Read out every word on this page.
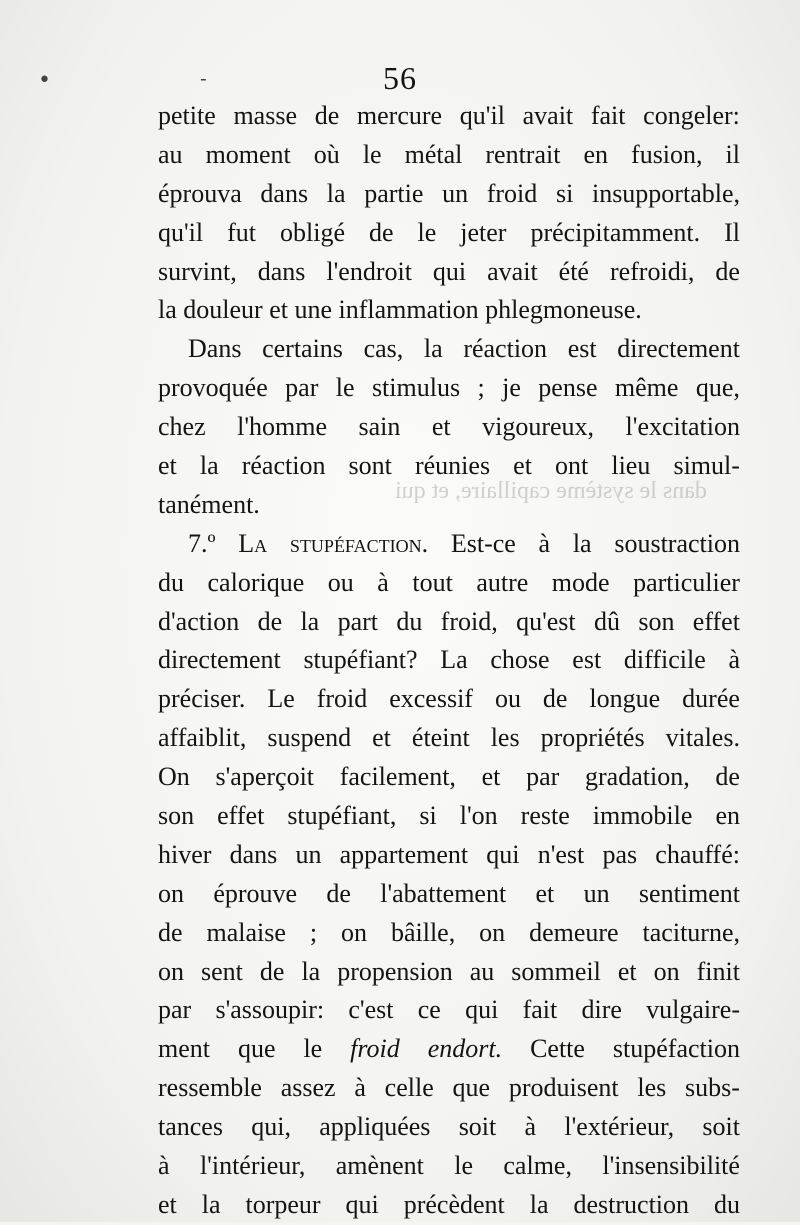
•	-	56
dans le système capillaire, et qui
petite masse de mercure qu'il avait fait congeler:
au moment où le métal rentrait en fusion, il
éprouva dans la partie un froid si insupportable,
qu'il fut obligé de le jeter précipitamment. Il
survint, dans l'endroit qui avait été refroidi, de
la douleur et une inflammation phlegmoneuse.
Dans certains cas, la réaction est directement
provoquée par le stimulus ; je pense même que,
chez l'homme sain et vigoureux, l'excitation
et la réaction sont réunies et ont lieu simul-
tanément.
7.º La stupéfaction. Est-ce à la soustraction
du calorique ou à tout autre mode particulier
d'action de la part du froid, qu'est dû son effet
directement stupéfiant? La chose est difficile à
préciser. Le froid excessif ou de longue durée
affaiblit, suspend et éteint les propriétés vitales.
On s'aperçoit facilement, et par gradation, de
son effet stupéfiant, si l'on reste immobile en
hiver dans un appartement qui n'est pas chauffé:
on éprouve de l'abattement et un sentiment
de malaise ; on bâille, on demeure taciturne,
on sent de la propension au sommeil et on finit
par s'assoupir: c'est ce qui fait dire vulgaire-
ment que le froid endort. Cette stupéfaction
ressemble assez à celle que produisent les subs-
tances qui, appliquées soit à l'extérieur, soit
à l'intérieur, amènent le calme, l'insensibilité
et la torpeur qui précèdent la destruction du
